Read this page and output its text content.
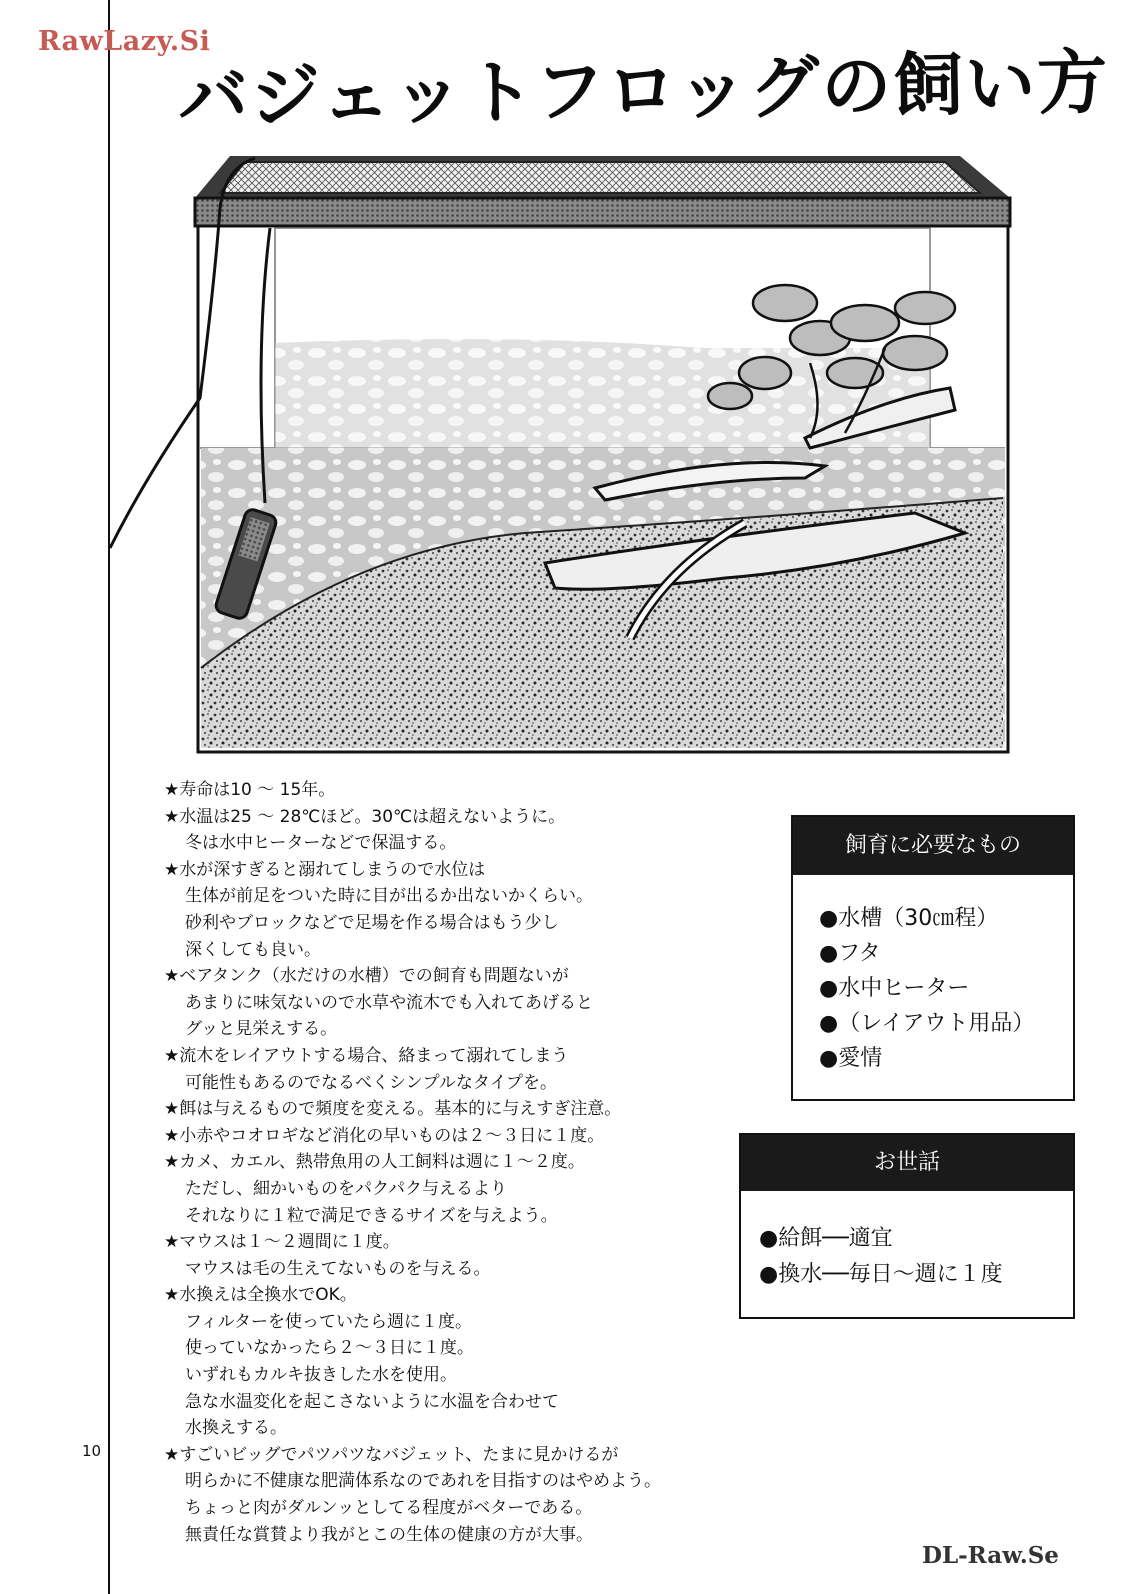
RawLazy.Si
バジェットフロッグの飼い方
★寿命は10 ～ 15年。
★水温は25 ～ 28℃ほど。30℃は超えないように。
冬は水中ヒーターなどで保温する。
★水が深すぎると溺れてしまうので水位は
生体が前足をついた時に目が出るか出ないかくらい。
砂利やブロックなどで足場を作る場合はもう少し
深くしても良い。
★ベアタンク（水だけの水槽）での飼育も問題ないが
あまりに味気ないので水草や流木でも入れてあげると
グッと見栄えする。
★流木をレイアウトする場合、絡まって溺れてしまう
可能性もあるのでなるべくシンプルなタイプを。
★餌は与えるもので頻度を変える。基本的に与えすぎ注意。
★小赤やコオロギなど消化の早いものは２～３日に１度。
★カメ、カエル、熱帯魚用の人工飼料は週に１～２度。
ただし、細かいものをパクパク与えるより
それなりに１粒で満足できるサイズを与えよう。
★マウスは１～２週間に１度。
マウスは毛の生えてないものを与える。
★水換えは全換水でOK。
フィルターを使っていたら週に１度。
使っていなかったら２～３日に１度。
いずれもカルキ抜きした水を使用。
急な水温変化を起こさないように水温を合わせて
水換えする。
★すごいビッグでパツパツなバジェット、たまに見かけるが
明らかに不健康な肥満体系なのであれを目指すのはやめよう。
ちょっと肉がダルンッとしてる程度がベターである。
無責任な賞賛より我がとこの生体の健康の方が大事。
飼育に必要なもの
●水槽（30㎝程）
●フタ
●水中ヒーター
●（レイアウト用品）
●愛情
お世話
●給餌──適宜
●換水──毎日～週に１度
10
DL-Raw.Se
